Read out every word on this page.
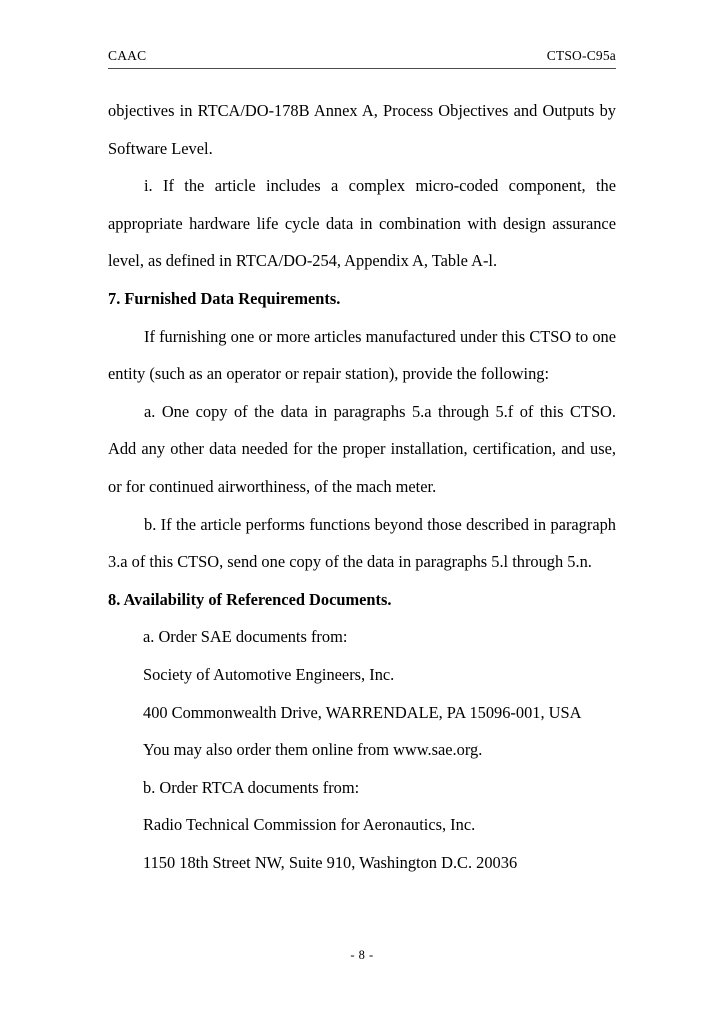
CAAC	CTSO-C95a

objectives in RTCA/DO-178B Annex A, Process Objectives and Outputs by Software Level.

i. If the article includes a complex micro-coded component, the appropriate hardware life cycle data in combination with design assurance level, as defined in RTCA/DO-254, Appendix A, Table A-l.

7. Furnished Data Requirements.

If furnishing one or more articles manufactured under this CTSO to one entity (such as an operator or repair station), provide the following:

a. One copy of the data in paragraphs 5.a through 5.f of this CTSO. Add any other data needed for the proper installation, certification, and use, or for continued airworthiness, of the mach meter.

b. If the article performs functions beyond those described in paragraph 3.a of this CTSO, send one copy of the data in paragraphs 5.l through 5.n.

8. Availability of Referenced Documents.
a. Order SAE documents from:
Society of Automotive Engineers, Inc.
400 Commonwealth Drive, WARRENDALE, PA 15096-001, USA
You may also order them online from www.sae.org.
b. Order RTCA documents from:
Radio Technical Commission for Aeronautics, Inc.
1150 18th Street NW, Suite 910, Washington D.C. 20036
- 8 -
